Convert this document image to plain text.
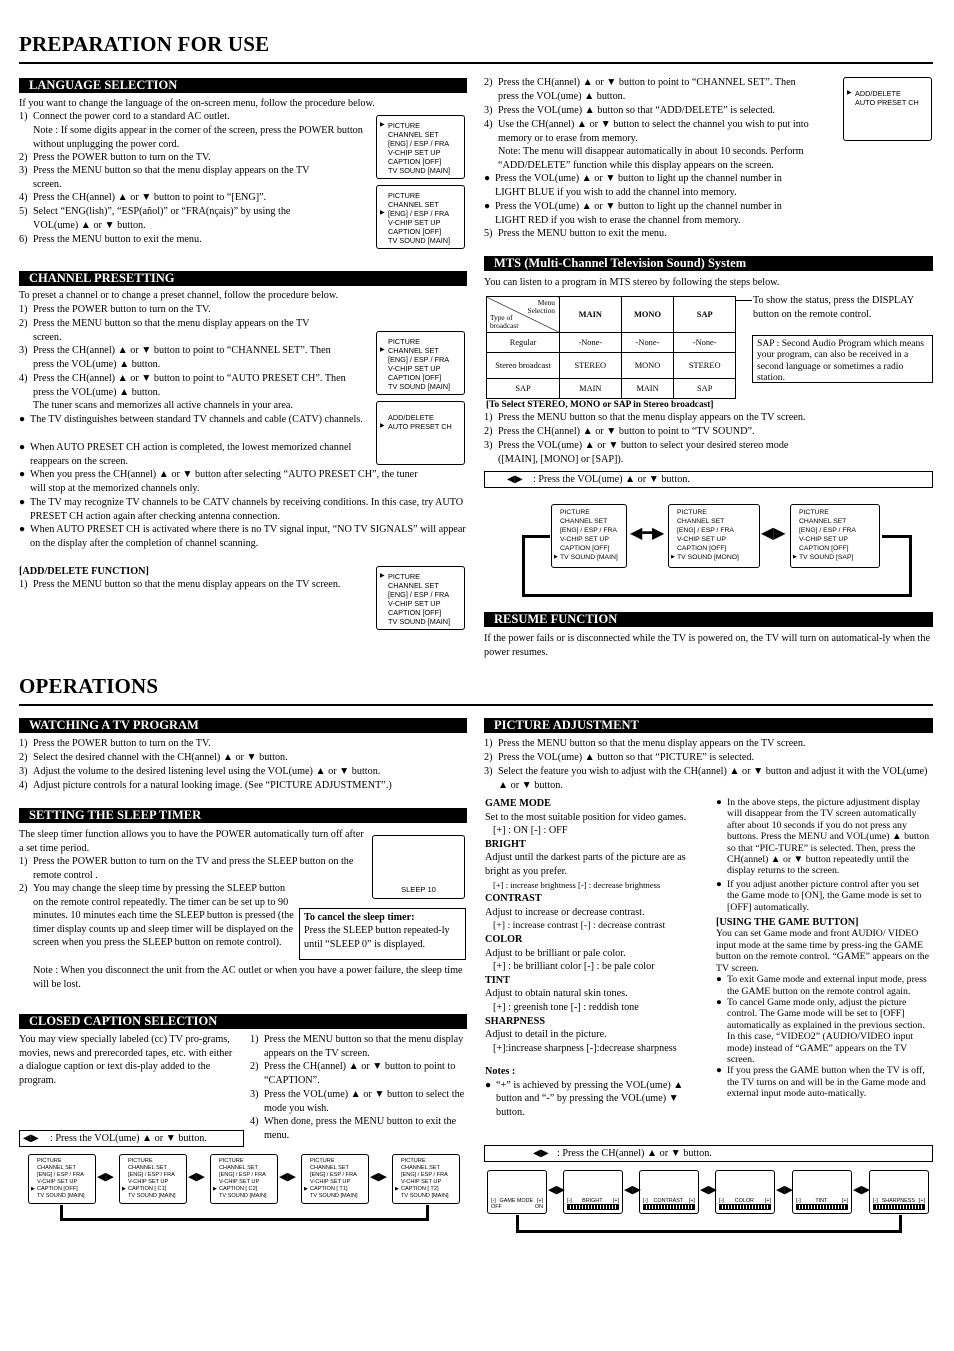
PREPARATION FOR USE
LANGUAGE SELECTION
If you want to change the language of the on-screen menu, follow the procedure below.
1) Connect the power cord to a standard AC outlet.
Note : If some digits appear in the corner of the screen, press the POWER button without unplugging the power cord.
2) Press the POWER button to turn on the TV.
3) Press the MENU button so that the menu display appears on the TV screen.
4) Press the CH(annel) ▲ or ▼ button to point to “[ENG]”.
5) Select “ENG(lish)”, “ESP(añol)” or “FRA(nçais)” by using the VOL(ume) ▲ or ▼ button.
6) Press the MENU button to exit the menu.
▶ PICTURE
CHANNEL SET
[ENG] / ESP / FRA
V-CHIP SET UP
CAPTION [OFF]
TV SOUND [MAIN]
PICTURE
CHANNEL SET
▶ [ENG] / ESP / FRA
V-CHIP SET UP
CAPTION [OFF]
TV SOUND [MAIN]
CHANNEL PRESETTING
To preset a channel or to change a preset channel, follow the procedure below.
1) Press the POWER button to turn on the TV.
2) Press the MENU button so that the menu display appears on the TV screen.
3) Press the CH(annel) ▲ or ▼ button to point to “CHANNEL SET”. Then press the VOL(ume) ▲ button.
4) Press the CH(annel) ▲ or ▼ button to point to “AUTO PRESET CH”. Then press the VOL(ume) ▲ button.
The tuner scans and memorizes all active channels in your area.
● The TV distinguishes between standard TV channels and cable (CATV) channels.
● When AUTO PRESET CH action is completed, the lowest memorized channel reappears on the screen.
● When you press the CH(annel) ▲ or ▼ button after selecting “AUTO PRESET CH”, the tuner will stop at the memorized channels only.
● The TV may recognize TV channels to be CATV channels by receiving conditions. In this case, try AUTO PRESET CH action again after checking antenna connection.
● When AUTO PRESET CH is activated where there is no TV signal input, “NO TV SIGNALS” will appear on the display after the completion of channel scanning.
PICTURE
▶ CHANNEL SET
[ENG] / ESP / FRA
V-CHIP SET UP
CAPTION [OFF]
TV SOUND [MAIN]
ADD/DELETE
▶ AUTO PRESET CH
[ADD/DELETE FUNCTION]
1) Press the MENU button so that the menu display appears on the TV screen.
▶ PICTURE
CHANNEL SET
[ENG] / ESP / FRA
V-CHIP SET UP
CAPTION [OFF]
TV SOUND [MAIN]
2) Press the CH(annel) ▲ or ▼ button to point to “CHANNEL SET”. Then press the VOL(ume) ▲ button.
3) Press the VOL(ume) ▲ button so that “ADD/DELETE” is selected.
4) Use the CH(annel) ▲ or ▼ button to select the channel you wish to put into memory or to erase from memory.
Note: The menu will disappear automatically in about 10 seconds. Perform “ADD/DELETE” function while this display appears on the screen.
● Press the VOL(ume) ▲ or ▼ button to light up the channel number in LIGHT BLUE if you wish to add the channel into memory.
● Press the VOL(ume) ▲ or ▼ button to light up the channel number in LIGHT RED if you wish to erase the channel from memory.
5) Press the MENU button to exit the menu.
▶ ADD/DELETE
AUTO PRESET CH
MTS (Multi-Channel Television Sound) System
You can listen to a program in MTS stereo by following the steps below.
Menu Selection
Type of broadcast	MAIN	MONO	SAP
Regular	-None-	-None-	-None-
Stereo broadcast	STEREO	MONO	STEREO
SAP	MAIN	MAIN	SAP
To show the status, press the DISPLAY button on the remote control.
SAP : Second Audio Program which means your program, can also be received in a second language or sometimes a radio station.
[To Select STEREO, MONO or SAP in Stereo broadcast]
1) Press the MENU button so that the menu display appears on the TV screen.
2) Press the CH(annel) ▲ or ▼ button to point to “TV SOUND”.
3) Press the VOL(ume) ▲ or ▼ button to select your desired stereo mode ([MAIN], [MONO] or [SAP]).
◀▶ : Press the VOL(ume) ▲ or ▼ button.
PICTURE
CHANNEL SET
[ENG] / ESP / FRA
V-CHIP SET UP
CAPTION [OFF]
▶ TV SOUND [MAIN]
PICTURE
CHANNEL SET
[ENG] / ESP / FRA
V-CHIP SET UP
CAPTION [OFF]
▶ TV SOUND [MONO]
PICTURE
CHANNEL SET
[ENG] / ESP / FRA
V-CHIP SET UP
CAPTION [OFF]
▶ TV SOUND [SAP]
◀━▶	◀▶
RESUME FUNCTION
If the power fails or is disconnected while the TV is powered on, the TV will turn on automatical-ly when the power resumes.
OPERATIONS
WATCHING A TV PROGRAM
1) Press the POWER button to turn on the TV.
2) Select the desired channel with the CH(annel) ▲ or ▼ button.
3) Adjust the volume to the desired listening level using the VOL(ume) ▲ or ▼ button.
4) Adjust picture controls for a natural looking image. (See “PICTURE ADJUSTMENT”.)
SETTING THE SLEEP TIMER
The sleep timer function allows you to have the POWER automatically turn off after a set time period.
1) Press the POWER button to turn on the TV and press the SLEEP button on the remote control .
2) You may change the sleep time by pressing the SLEEP button on the remote control repeatedly. The timer can be set up to 90 minutes. 10 minutes each time the SLEEP button is pressed (the timer display counts up and sleep timer will be displayed on the screen when you press the SLEEP button on remote control).
Note : When you disconnect the unit from the AC outlet or when you have a power failure, the sleep time will be lost.
SLEEP 10
To cancel the sleep timer:
Press the SLEEP button repeated-ly until “SLEEP 0” is displayed.
CLOSED CAPTION SELECTION
You may view specially labeled (cc) TV pro-grams, movies, news and prerecorded tapes, etc. with either a dialogue caption or text dis-play added to the program.
1) Press the MENU button so that the menu display appears on the TV screen.
2) Press the CH(annel) ▲ or ▼ button to point to “CAPTION”.
3) Press the VOL(ume) ▲ or ▼ button to select the mode you wish.
4) When done, press the MENU button to exit the menu.
◀▶ : Press the VOL(ume) ▲ or ▼ button.
PICTURE
CHANNEL SET
[ENG] / ESP / FRA
V-CHIP SET UP
▶ CAPTION [OFF]
TV SOUND [MAIN]
PICTURE
CHANNEL SET
[ENG] / ESP / FRA
V-CHIP SET UP
▶ CAPTION [ C1]
TV SOUND [MAIN]
PICTURE
CHANNEL SET
[ENG] / ESP / FRA
V-CHIP SET UP
▶ CAPTION [ C2]
TV SOUND [MAIN]
PICTURE
CHANNEL SET
[ENG] / ESP / FRA
V-CHIP SET UP
▶ CAPTION [ T1]
TV SOUND [MAIN]
PICTURE
CHANNEL SET
[ENG] / ESP / FRA
V-CHIP SET UP
▶ CAPTION [ T2]
TV SOUND [MAIN]
◀▶	◀▶	◀▶	◀▶
PICTURE ADJUSTMENT
1) Press the MENU button so that the menu display appears on the TV screen.
2) Press the VOL(ume) ▲ button so that “PICTURE” is selected.
3) Select the feature you wish to adjust with the CH(annel) ▲ or ▼ button and adjust it with the VOL(ume) ▲ or ▼ button.
GAME MODE
Set to the most suitable position for video games.
[+] : ON [-] : OFF
BRIGHT
Adjust until the darkest parts of the picture are as bright as you prefer.
[+] : increase brightness [-] : decrease brightness
CONTRAST
Adjust to increase or decrease contrast.
[+] : increase contrast [-] : decrease contrast
COLOR
Adjust to be brilliant or pale color.
[+] : be brilliant color [-] : be pale color
TINT
Adjust to obtain natural skin tones.
[+] : greenish tone [-] : reddish tone
SHARPNESS
Adjust to detail in the picture.
[+]:increase sharpness [-]:decrease sharpness
Notes :
● “+” is achieved by pressing the VOL(ume) ▲ button and “-” by pressing the VOL(ume) ▼ button.
● In the above steps, the picture adjustment display will disappear from the TV screen automatically after about 10 seconds if you do not press any buttons. Press the MENU and VOL(ume) ▲ button so that “PIC-TURE” is selected. Then, press the CH(annel) ▲ or ▼ button repeatedly until the display returns to the screen.
● If you adjust another picture control after you set the Game mode to [ON], the Game mode is set to [OFF] automatically.
[USING THE GAME BUTTON]
You can set Game mode and front AUDIO/ VIDEO input mode at the same time by press-ing the GAME button on the remote control. “GAME” appears on the TV screen.
● To exit Game mode and external input mode, press the GAME button on the remote control again.
● To cancel Game mode only, adjust the picture control. The Game mode will be set to [OFF] automatically as explained in the previous section. In this case, “VIDEO2” (AUDIO/VIDEO input mode) instead of “GAME” appears on the TV screen.
● If you press the GAME button when the TV is off, the TV turns on and will be in the Game mode and external input mode auto-matically.
◀▶ : Press the CH(annel) ▲ or ▼ button.
[-] GAME MODE [+]
OFF	ON
[-] BRIGHT [+]	[-] CONTRAST [+]	[-] COLOR [+]	[-]	TINT	[+]	[-] SHARPNESS [+]
◀▶	◀▶	◀▶	◀▶	◀▶
